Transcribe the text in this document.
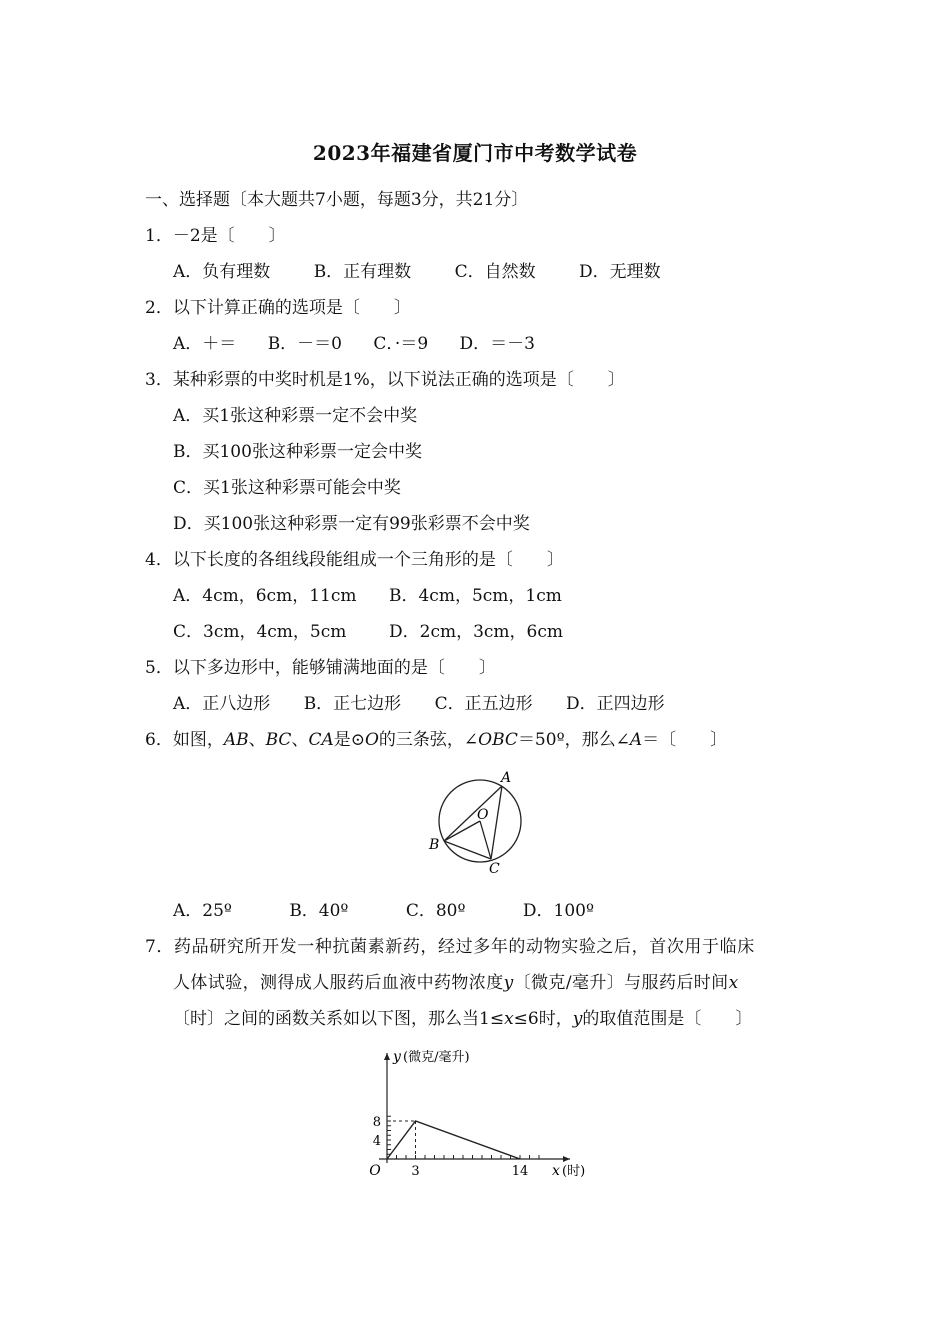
2023年福建省厦门市中考数学试卷
一、选择题〔本大题共7小题，每题3分，共21分〕
1．－2是〔　　〕
A．负有理数	B．正有理数	C．自然数	D．无理数
2．以下计算正确的选项是〔　　〕
A．＋＝ B．－＝0 C．·＝9 D．＝－3
3．某种彩票的中奖时机是1%，以下说法正确的选项是〔　　〕
A．买1张这种彩票一定不会中奖
B．买100张这种彩票一定会中奖
C．买1张这种彩票可能会中奖
D．买100张这种彩票一定有99张彩票不会中奖
4．以下长度的各组线段能组成一个三角形的是〔　　〕
A．4cm，6cm，11cm B．4cm，5cm，1cm
C．3cm，4cm，5cm	D．2cm，3cm，6cm
5．以下多边形中，能够铺满地面的是〔　　〕
A．正八边形 B．正七边形 C．正五边形 D．正四边形
6．如图，AB、BC、CA是⊙O的三条弦，∠OBC＝50º，那么∠A＝〔　　〕
A
B
C
O
A．25º	B．40º	C．80º	D．100º
7．药品研究所开发一种抗菌素新药，经过多年的动物实验之后，首次用于临床
人体试验，测得成人服药后血液中药物浓度y〔微克/毫升〕与服药后时间x
〔时〕之间的函数关系如以下图，那么当1≤x≤6时，y的取值范围是〔　　〕
3	14
4
8
O	x (时)
y (微克/毫升)
